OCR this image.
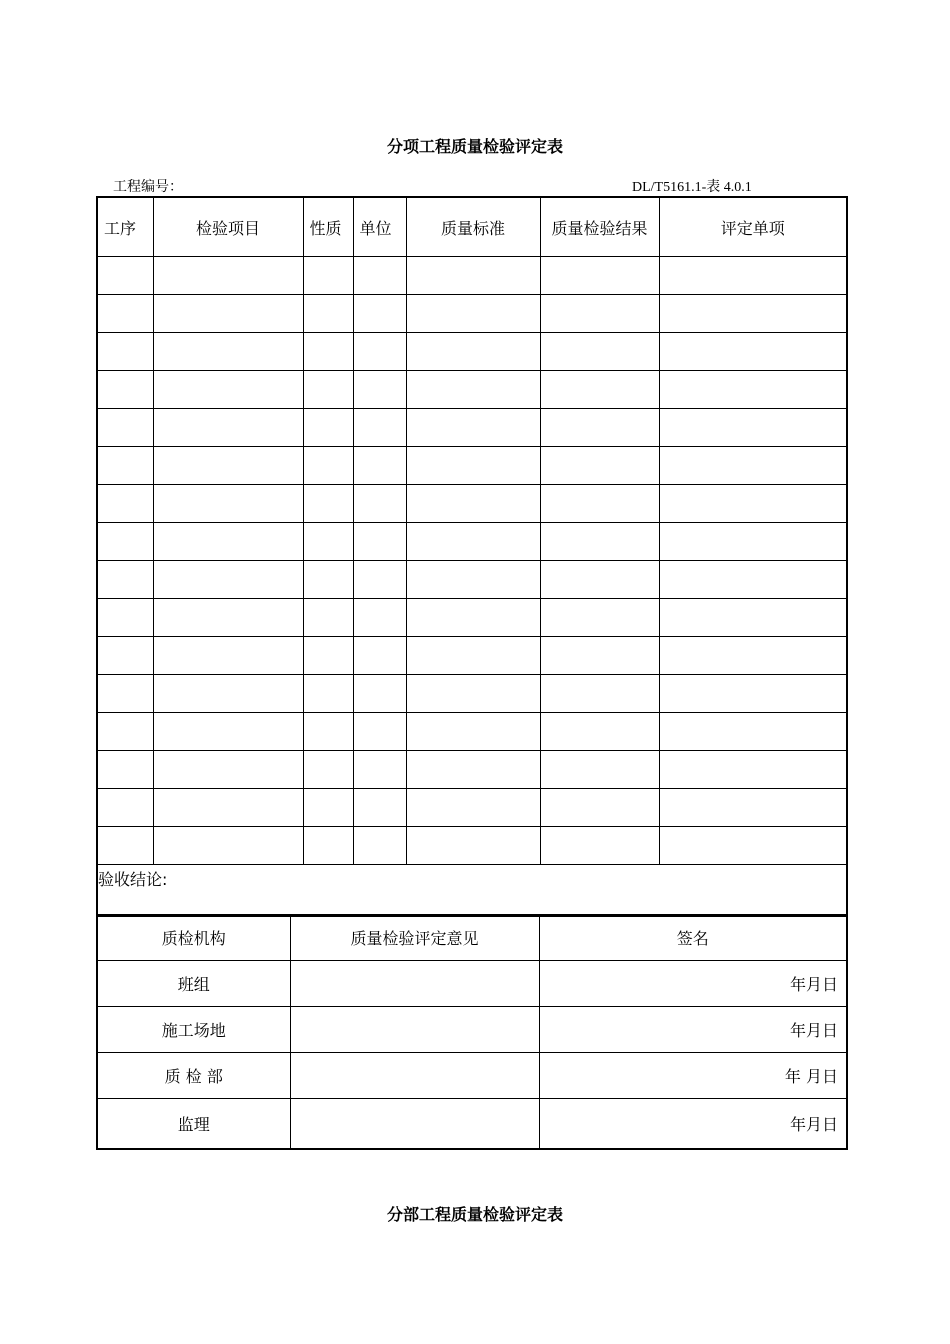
分项工程质量检验评定表
工程编号：	DL/T5161.1-表 4.0.1
工序	检验项目	性质	单位	质量标准	质量检验结果	评定单项

验收结论:						
质检机构	质量检验评定意见	签名
班组		年月日
施工场地		年月日
质 检 部		年 月日
监理		年月日
分部工程质量检验评定表
